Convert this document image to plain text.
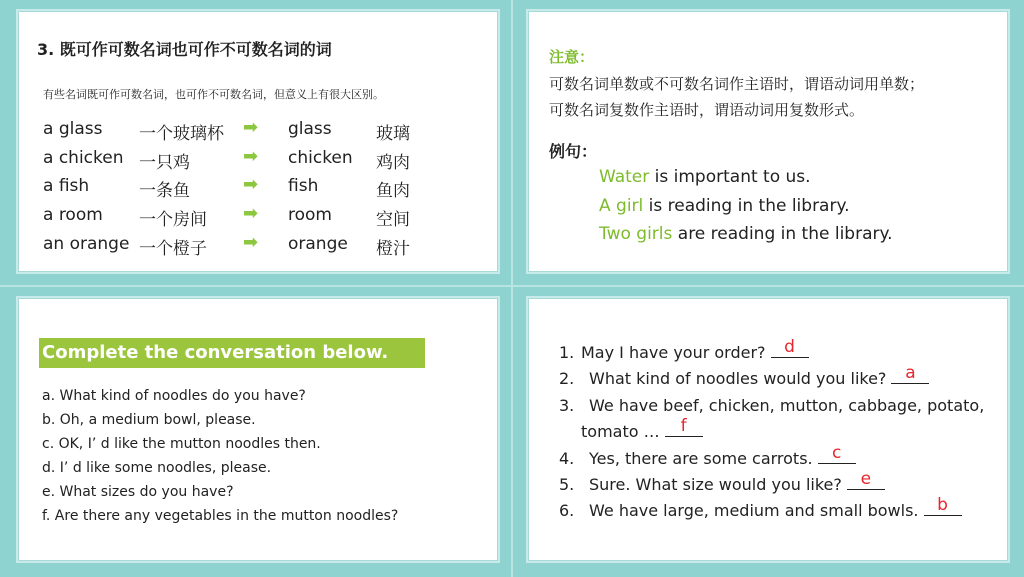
3. 既可作可数名词也可作不可数名词的词
有些名词既可作可数名词，也可作不可数名词，但意义上有很大区别。
a glass 一个玻璃杯 ➡ glass	玻璃
a chicken 一只鸡	➡ chicken 鸡肉
a fish	一条鱼	➡ fish	鱼肉
a room 一个房间 ➡ room	空间
an orange 一个橙子 ➡ orange 橙汁
注意：
可数名词单数或不可数名词作主语时，谓语动词用单数；
可数名词复数作主语时，谓语动词用复数形式。
例句：
Water is important to us.
A girl is reading in the library.
Two girls are reading in the library.
Complete the conversation below.
a. What kind of noodles do you have?
b. Oh, a medium bowl, please.
c. OK, I’ d like the mutton noodles then.
d. I’ d like some noodles, please.
e. What sizes do you have?
f. Are there any vegetables in the mutton noodles?
1. May I have your order?	d
2. What kind of noodles would you like?	a
3. We have beef, chicken, mutton, cabbage, potato,
tomato …	f
4. Yes, there are some carrots.	c
5. Sure. What size would you like?	e
6. We have large, medium and small bowls.	b
